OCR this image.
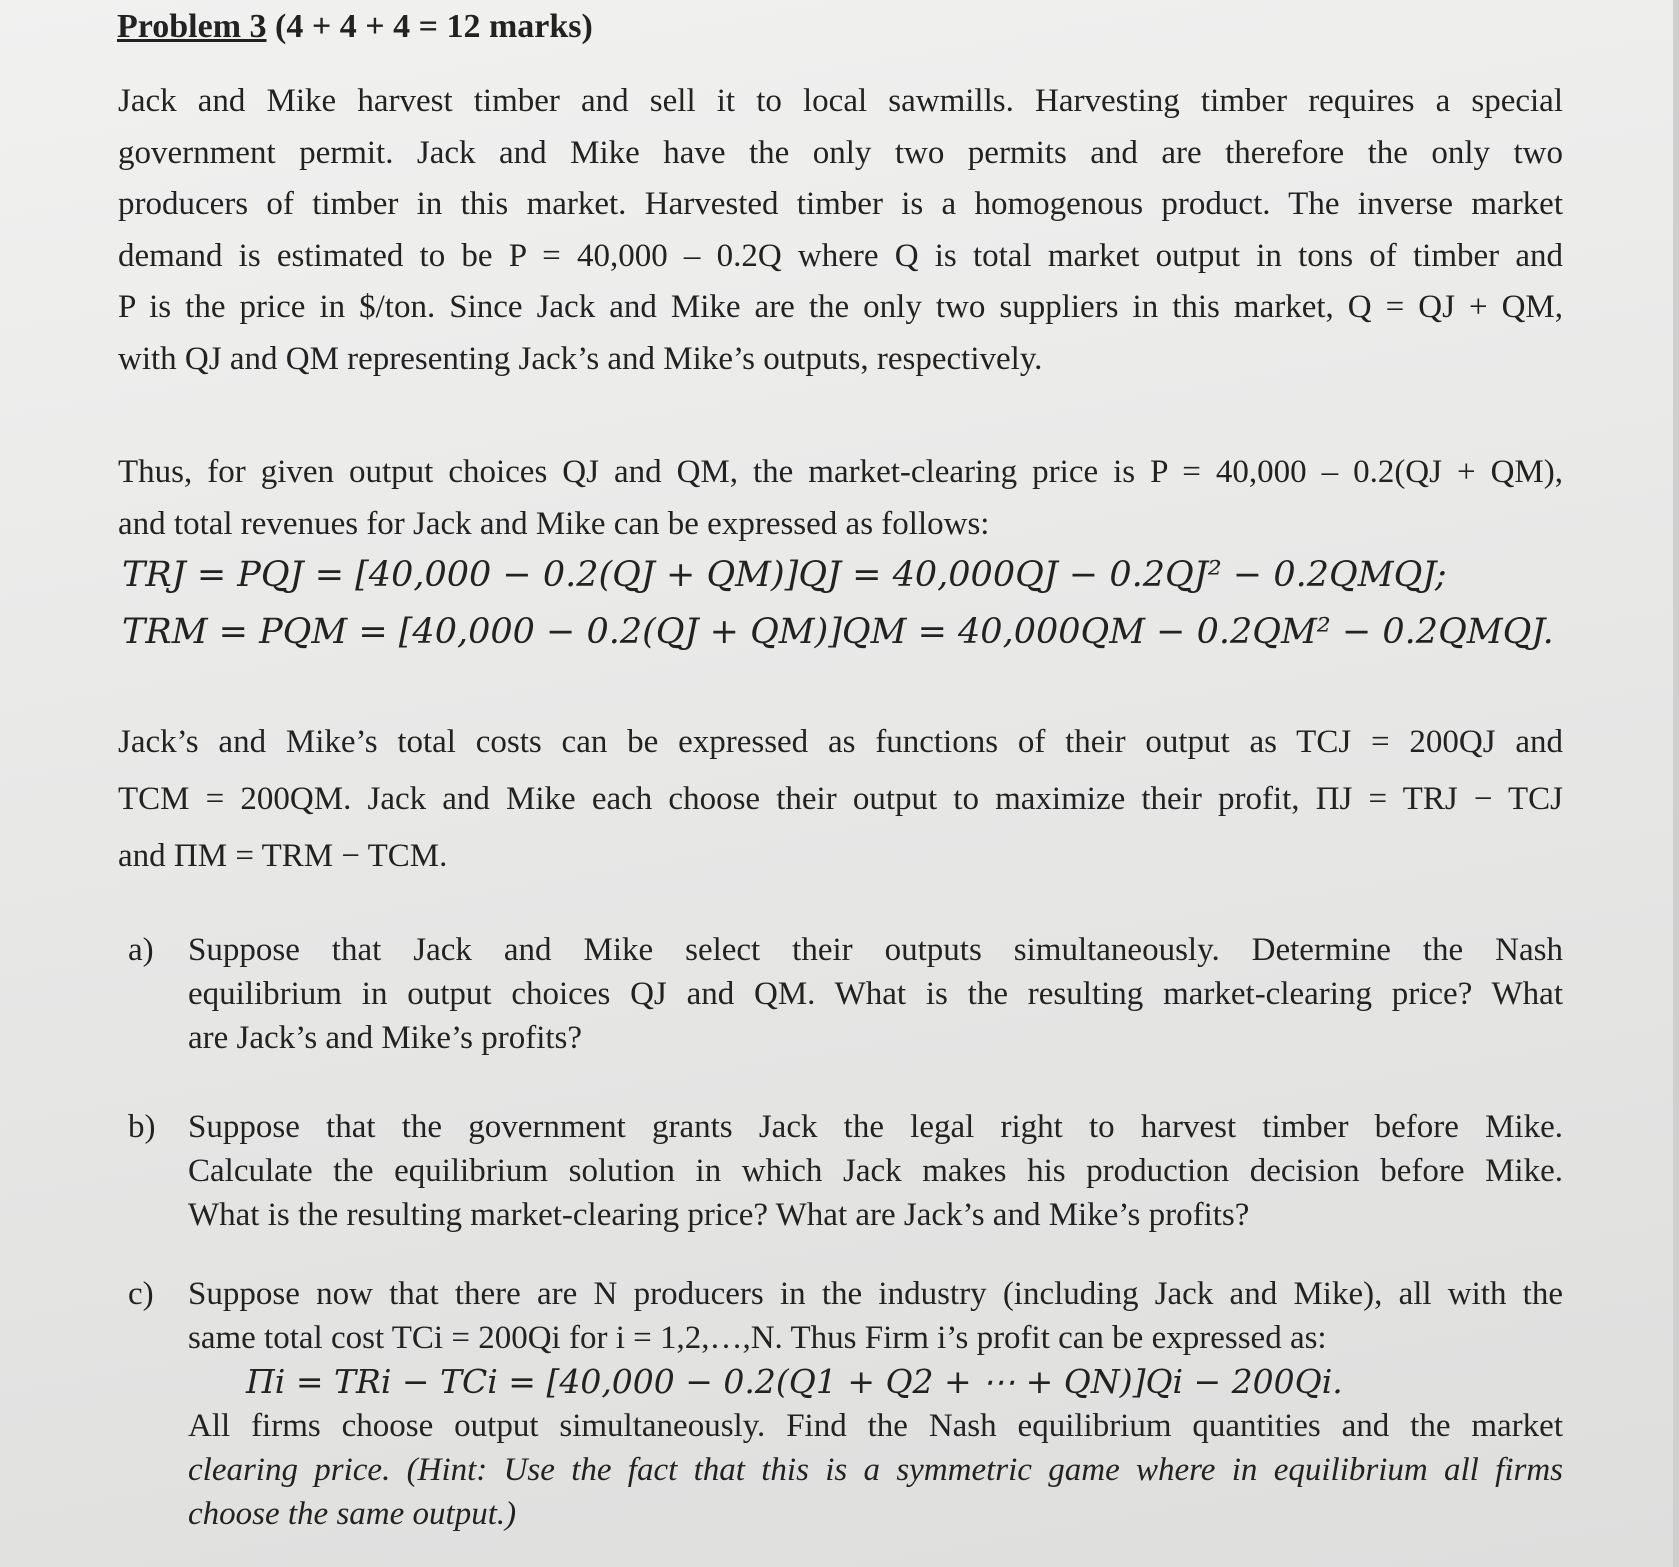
Problem 3 (4 + 4 + 4 = 12 marks)
Jack and Mike harvest timber and sell it to local sawmills. Harvesting timber requires a special
government permit. Jack and Mike have the only two permits and are therefore the only two
producers of timber in this market. Harvested timber is a homogenous product. The inverse market
demand is estimated to be P = 40,000 – 0.2Q where Q is total market output in tons of timber and
P is the price in $/ton. Since Jack and Mike are the only two suppliers in this market, Q = QJ + QM,
with QJ and QM representing Jack’s and Mike’s outputs, respectively.
Thus, for given output choices QJ and QM, the market-clearing price is P = 40,000 – 0.2(QJ + QM),
and total revenues for Jack and Mike can be expressed as follows:
TRJ = PQJ = [40,000 − 0.2(QJ + QM)]QJ = 40,000QJ − 0.2QJ² − 0.2QMQJ;
TRM = PQM = [40,000 − 0.2(QJ + QM)]QM = 40,000QM − 0.2QM² − 0.2QMQJ.
Jack’s and Mike’s total costs can be expressed as functions of their output as TCJ = 200QJ and
TCM = 200QM. Jack and Mike each choose their output to maximize their profit, ΠJ = TRJ − TCJ
and ΠM = TRM − TCM.
a) Suppose that Jack and Mike select their outputs simultaneously. Determine the Nash
equilibrium in output choices QJ and QM. What is the resulting market-clearing price? What
are Jack’s and Mike’s profits?
b) Suppose that the government grants Jack the legal right to harvest timber before Mike.
Calculate the equilibrium solution in which Jack makes his production decision before Mike.
What is the resulting market-clearing price? What are Jack’s and Mike’s profits?
c) Suppose now that there are N producers in the industry (including Jack and Mike), all with the
same total cost TCi = 200Qi for i = 1,2,…,N. Thus Firm i’s profit can be expressed as:
Πi = TRi − TCi = [40,000 − 0.2(Q1 + Q2 + ⋯ + QN)]Qi − 200Qi.
All firms choose output simultaneously. Find the Nash equilibrium quantities and the market
clearing price. (Hint: Use the fact that this is a symmetric game where in equilibrium all firms
choose the same output.)
